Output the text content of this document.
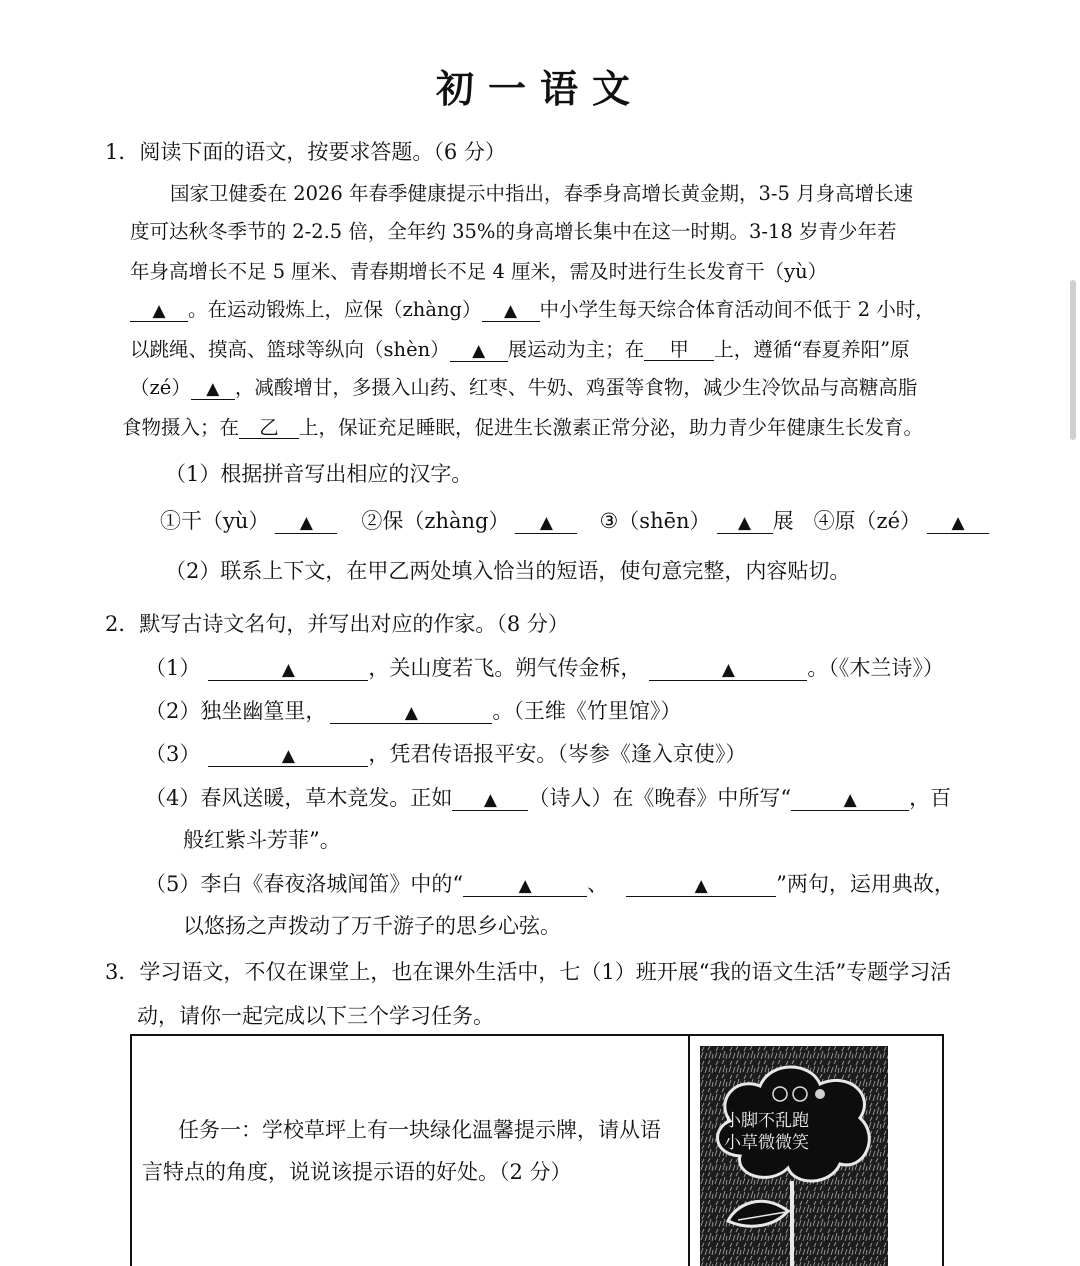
初一语文
1．阅读下面的语文，按要求答题。（6 分）
国家卫健委在 2026 年春季健康提示中指出，春季身高增长黄金期，3-5 月身高增长速
度可达秋冬季节的 2-2.5 倍，全年约 35%的身高增长集中在这一时期。3-18 岁青少年若
年身高增长不足 5 厘米、青春期增长不足 4 厘米，需及时进行生长发育干（yù）
▲ 。在运动锻炼上，应保（zhàng） ▲ 中小学生每天综合体育活动间不低于 2 小时，
以跳绳、摸高、篮球等纵向（shèn） ▲ 展运动为主；在 甲 上，遵循“春夏养阳”原
（zé） ▲ ，减酸增甘，多摄入山药、红枣、牛奶、鸡蛋等食物，减少生冷饮品与高糖高脂
食物摄入；在 乙 上，保证充足睡眠，促进生长激素正常分泌，助力青少年健康生长发育。
（1）根据拼音写出相应的汉字。
①干（yù） ▲ ②保（zhàng） ▲ ③（shēn） ▲ 展 ④原（zé） ▲
（2）联系上下文，在甲乙两处填入恰当的短语，使句意完整，内容贴切。
2．默写古诗文名句，并写出对应的作家。（8 分）
（1）	▲	，关山度若飞。朔气传金柝，	▲	。（《木兰诗》）
（2）独坐幽篁里，	▲	。（王维《竹里馆》）
（3）	▲	，凭君传语报平安。（岑参《逢入京使》）
（4）春风送暖，草木竞发。正如 ▲ （诗人）在《晚春》中所写“	▲ ，百
般红紫斗芳菲”。
（5）李白《春夜洛城闻笛》中的“	▲	、	▲	”两句，运用典故，
以悠扬之声拨动了万千游子的思乡心弦。
3．学习语文，不仅在课堂上，也在课外生活中，七（1）班开展“我的语文生活”专题学习活
动，请你一起完成以下三个学习任务。
任务一：学校草坪上有一块绿化温馨提示牌，请从语
言特点的角度，说说该提示语的好处。（2 分）
小脚不乱跑
小草微微笑
